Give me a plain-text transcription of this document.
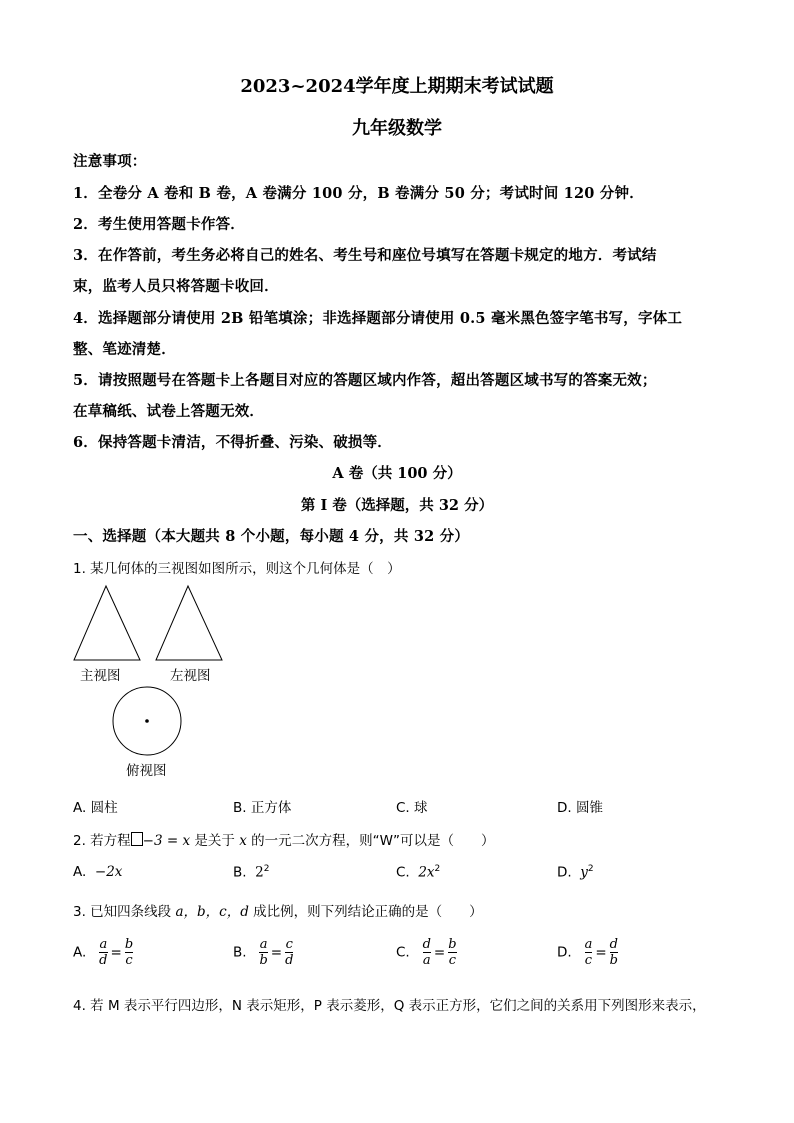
2023~2024学年度上期期末考试试题
九年级数学
注意事项：
1．全卷分 A 卷和 B 卷，A 卷满分 100 分，B 卷满分 50 分；考试时间 120 分钟．
2．考生使用答题卡作答．
3．在作答前，考生务必将自己的姓名、考生号和座位号填写在答题卡规定的地方．考试结
束，监考人员只将答题卡收回．
4．选择题部分请使用 2B 铅笔填涂；非选择题部分请使用 0.5 毫米黑色签字笔书写，字体工
整、笔迹清楚．
5．请按照题号在答题卡上各题目对应的答题区域内作答，超出答题区域书写的答案无效；
在草稿纸、试卷上答题无效．
6．保持答题卡清洁，不得折叠、污染、破损等．
A 卷（共 100 分）
第 I 卷（选择题，共 32 分）
一、选择题（本大题共 8 个小题，每小题 4 分，共 32 分）
1. 某几何体的三视图如图所示，则这个几何体是（　）
主视图	左视图
俯视图
A. 圆柱	B. 正方体	C. 球	D. 圆锥
2. 若方程 −3 = x 是关于 x 的一元二次方程，则“W”可以是（　　）
A. −2x	B. $2^2$	C. $2x^2$	D. $y^2$
3. 已知四条线段 a，b，c，d 成比例，则下列结论正确的是（　　）
A. $\frac{a}{d} = \frac{b}{c}$	B. $\frac{a}{b} = \frac{c}{d}$	C. $\frac{d}{a} = \frac{b}{c}$	D. $\frac{a}{c} = \frac{d}{b}$
4. 若 M 表示平行四边形，N 表示矩形，P 表示菱形，Q 表示正方形，它们之间的关系用下列图形来表示，
